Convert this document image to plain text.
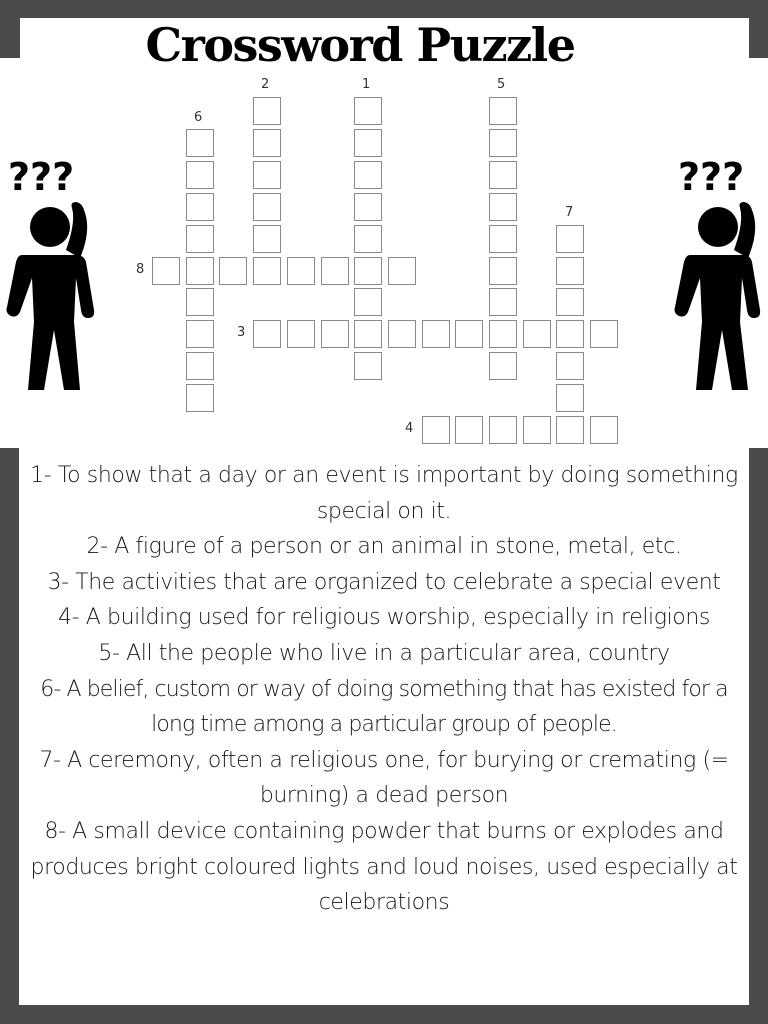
Crossword Puzzle
2	1	5
6
7
8
3
4
???	???

1- To show that a day or an event is important by doing something special on it.

2- A figure of a person or an animal in stone, metal, etc.

3- The activities that are organized to celebrate a special event

4- A building used for religious worship, especially in religions

5- All the people who live in a particular area, country

6- A belief, custom or way of doing something that has existed for a long time among a particular group of people.

7- A ceremony, often a religious one, for burying or cremating (= burning) a dead person

8- A small device containing powder that burns or explodes and produces bright coloured lights and loud noises, used especially at celebrations
